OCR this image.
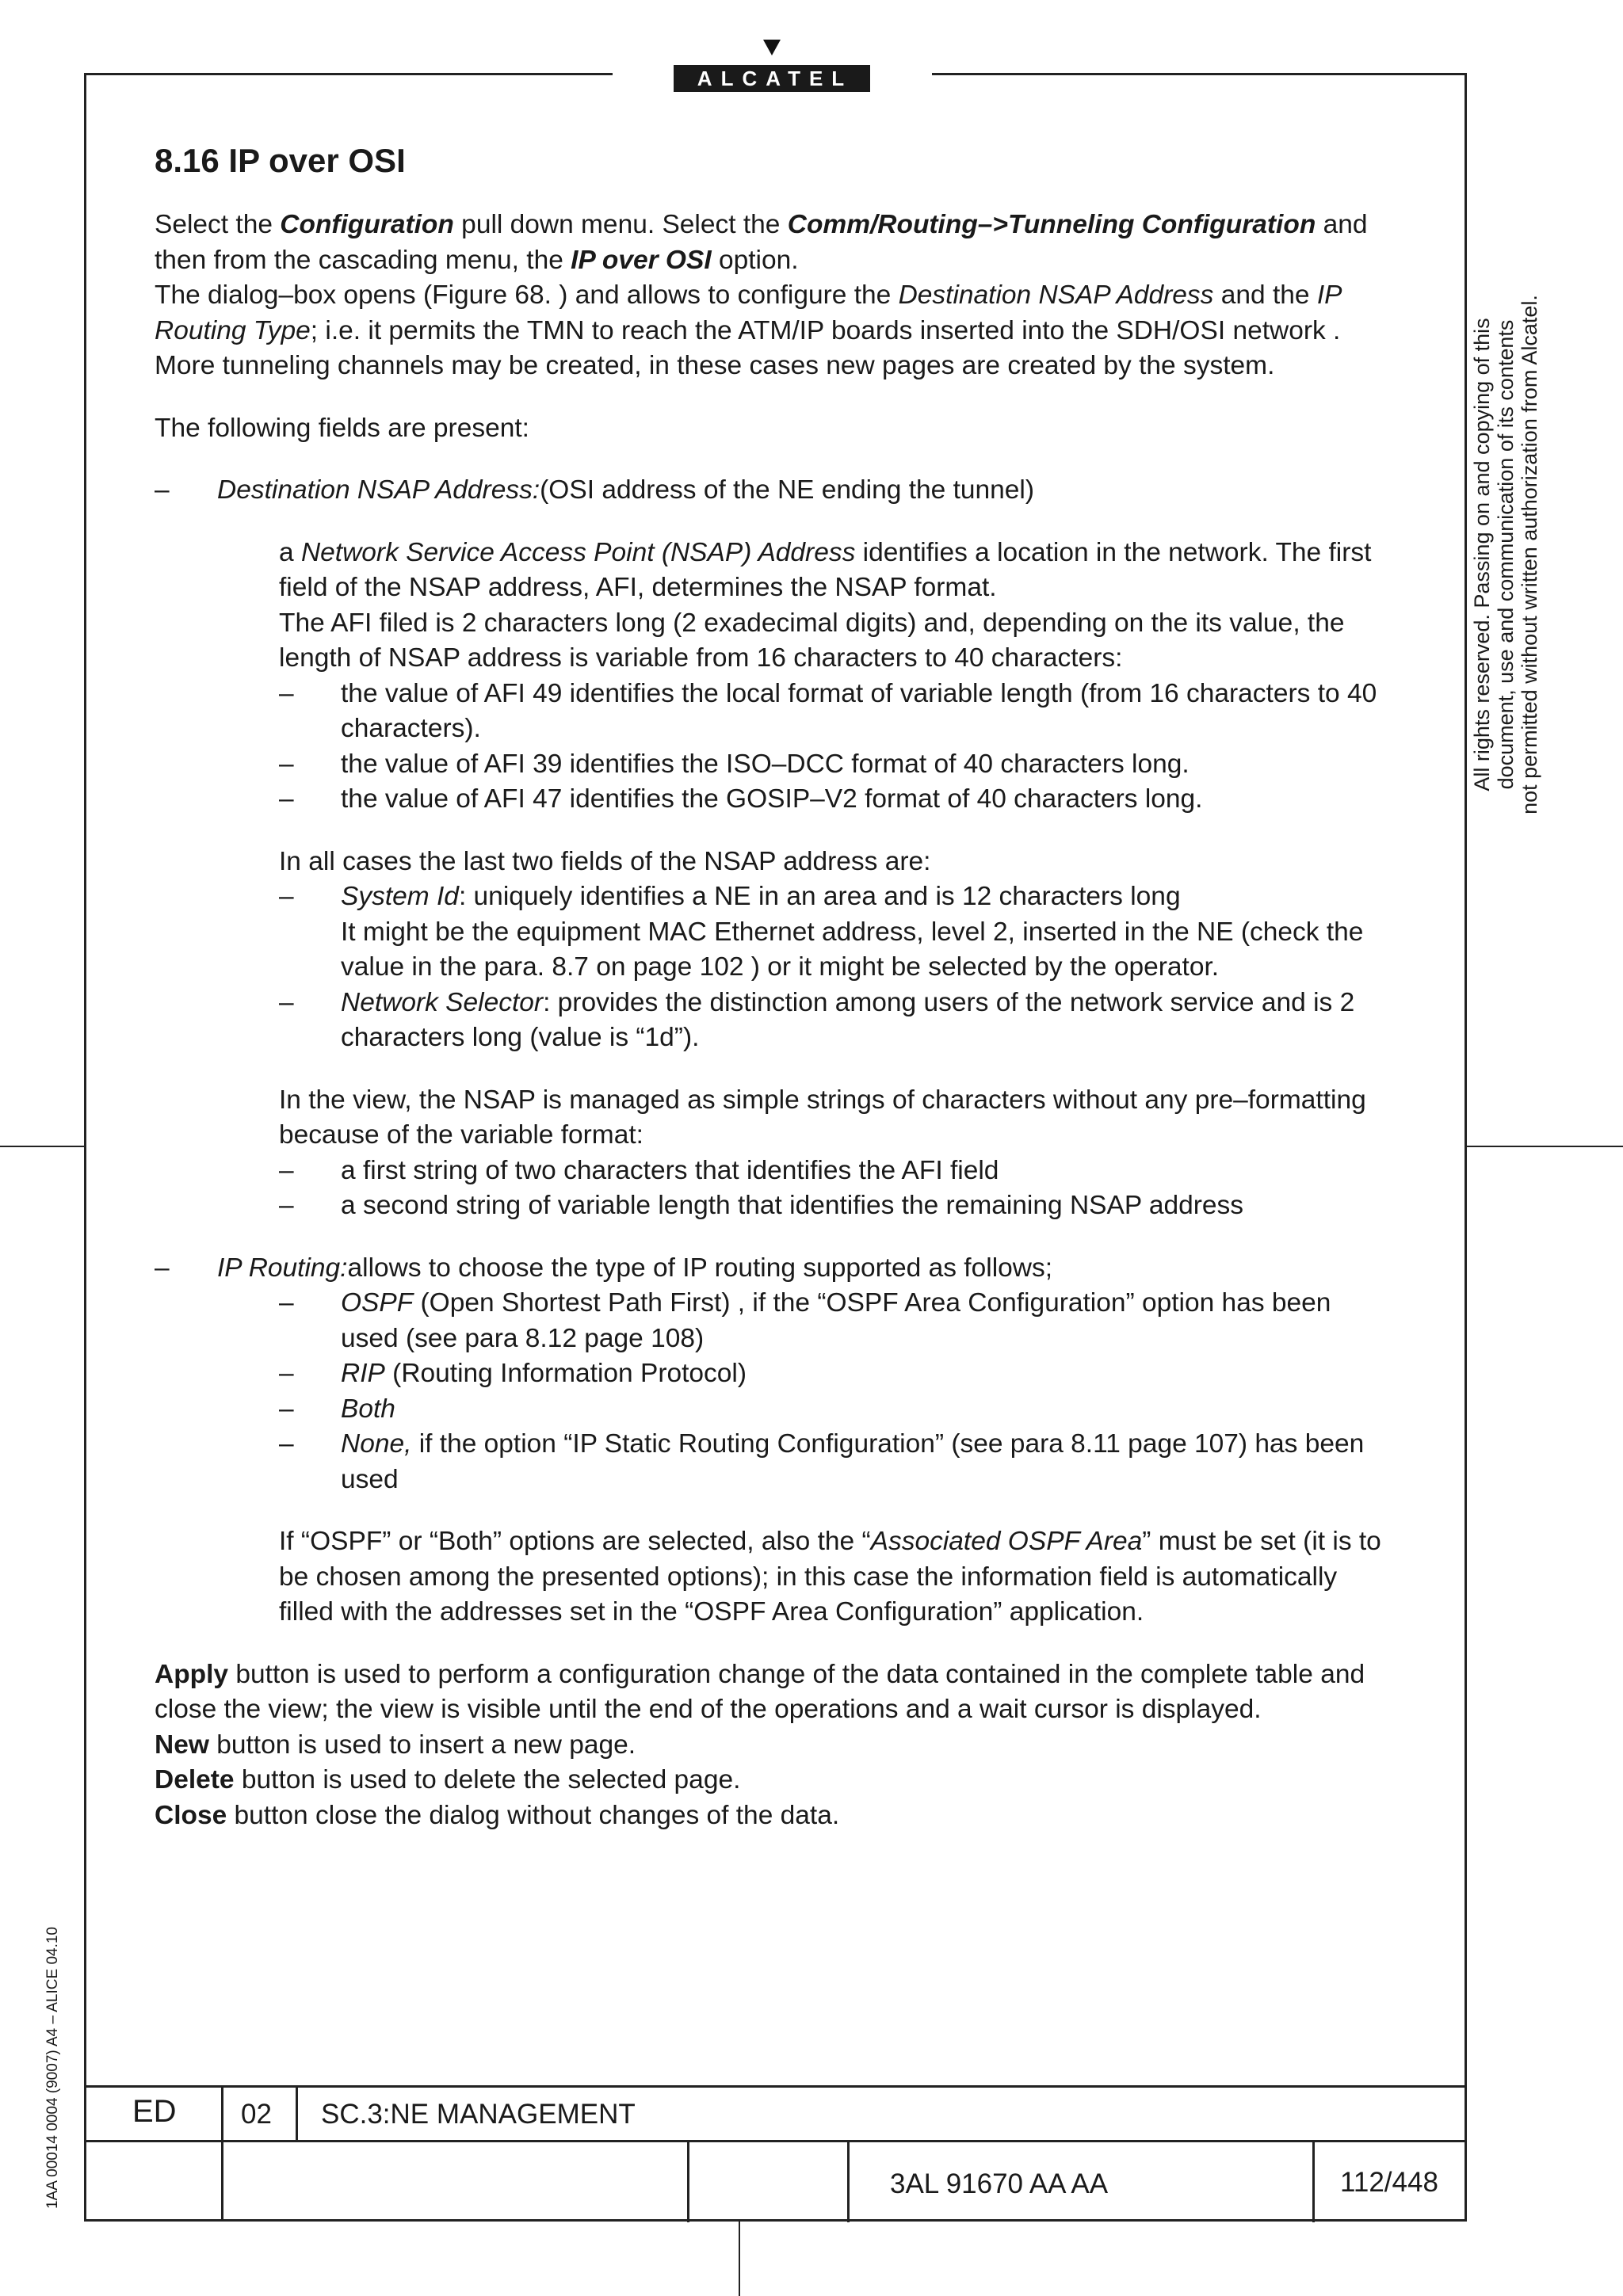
ALCATEL
8.16 IP over OSI

Select the Configuration pull down menu. Select the Comm/Routing–>Tunneling Configuration and then from the cascading menu, the IP over OSI option.

The dialog–box opens (Figure 68. ) and allows to configure the Destination NSAP Address and the IP Routing Type; i.e. it permits the TMN to reach the ATM/IP boards inserted into the SDH/OSI network . More tunneling channels may be created, in these cases new pages are created by the system.

The following fields are present:

– Destination NSAP Address:(OSI address of the NE ending the tunnel)

a Network Service Access Point (NSAP) Address identifies a location in the network. The first field of the NSAP address, AFI, determines the NSAP format.

The AFI filed is 2 characters long (2 exadecimal digits) and, depending on the its value, the length of NSAP address is variable from 16 characters to 40 characters:

– the value of AFI 49 identifies the local format of variable length (from 16 characters to 40 characters).
– the value of AFI 39 identifies the ISO–DCC format of 40 characters long.
– the value of AFI 47 identifies the GOSIP–V2 format of 40 characters long.

In all cases the last two fields of the NSAP address are:

– System Id: uniquely identifies a NE in an area and is 12 characters long
It might be the equipment MAC Ethernet address, level 2, inserted in the NE (check the value in the para. 8.7 on page 102 ) or it might be selected by the operator.
– Network Selector: provides the distinction among users of the network service and is 2 characters long (value is “1d”).

In the view, the NSAP is managed as simple strings of characters without any pre–formatting because of the variable format:

– a first string of two characters that identifies the AFI field
– a second string of variable length that identifies the remaining NSAP address
– IP Routing:allows to choose the type of IP routing supported as follows;
– OSPF (Open Shortest Path First) , if the “OSPF Area Configuration” option has been used (see para 8.12 page 108)
– RIP (Routing Information Protocol)
– Both
– None, if the option “IP Static Routing Configuration” (see para 8.11 page 107) has been used

If “OSPF” or “Both” options are selected, also the “Associated OSPF Area” must be set (it is to be chosen among the presented options); in this case the information field is automatically filled with the addresses set in the “OSPF Area Configuration” application.

Apply button is used to perform a configuration change of the data contained in the complete table and close the view; the view is visible until the end of the operations and a wait cursor is displayed.

New button is used to insert a new page.

Delete button is used to delete the selected page.

Close button close the dialog without changes of the data.

All rights reserved. Passing on and copying of this document, use and communication of its contents not permitted without written authorization from Alcatel.
1AA 00014 0004 (9007) A4 – ALICE 04.10 ED 02 SC.3:NE MANAGEMENT
3AL 91670 AA AA	112/448
